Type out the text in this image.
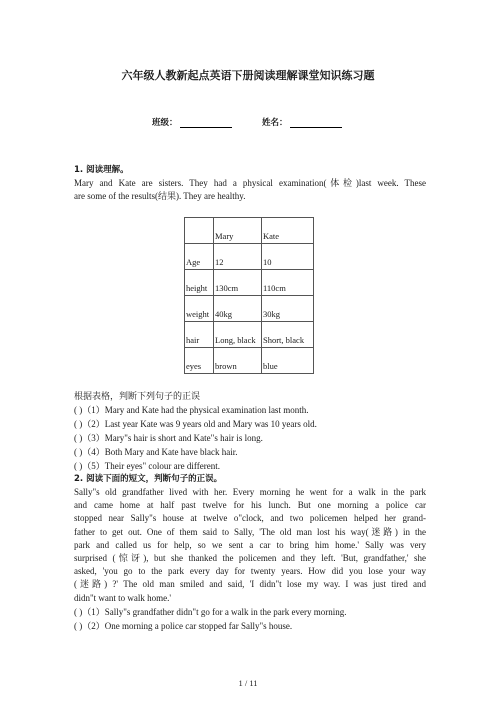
六年级人教新起点英语下册阅读理解课堂知识练习题
班级：	姓名：
1. 阅读理解。
Mary and Kate are sisters. They had a physical examination(体检)last week. These
are some of the results(结果). They are healthy.
	Mary	Kate
Age	12	10
height	130cm	110cm
weight	40kg	30kg
hair	Long, black	Short, black
eyes	brown	blue
根据表格，判断下列句子的正误
( )（1）Mary and Kate had the physical examination last month.
( )（2）Last year Kate was 9 years old and Mary was 10 years old.
( )（3）Mary"s hair is short and Kate"s hair is long.
( )（4）Both Mary and Kate have black hair.
( )（5）Their eyes" colour are different.
2. 阅读下面的短文，判断句子的正误。
Sally"s old grandfather lived with her. Every morning he went for a walk in the park
and came home at half past twelve for his lunch. But one morning a police car
stopped near Sally"s house at twelve o"clock, and two policemen helped her grand-
father to get out. One of them said to Sally, 'The old man lost his way(迷路) in the
park and called us for help, so we sent a car to bring him home.' Sally was very
surprised (惊讶), but she thanked the policemen and they left. 'But, grandfather,' she
asked, 'you go to the park every day for twenty years. How did you lose your way
(迷路) ?' The old man smiled and said, 'I didn"t lose my way. I was just tired and
didn"t want to walk home.'
( )（1）Sally"s grandfather didn"t go for a walk in the park every morning.
( )（2）One morning a police car stopped far Sally"s house.
1 / 11
